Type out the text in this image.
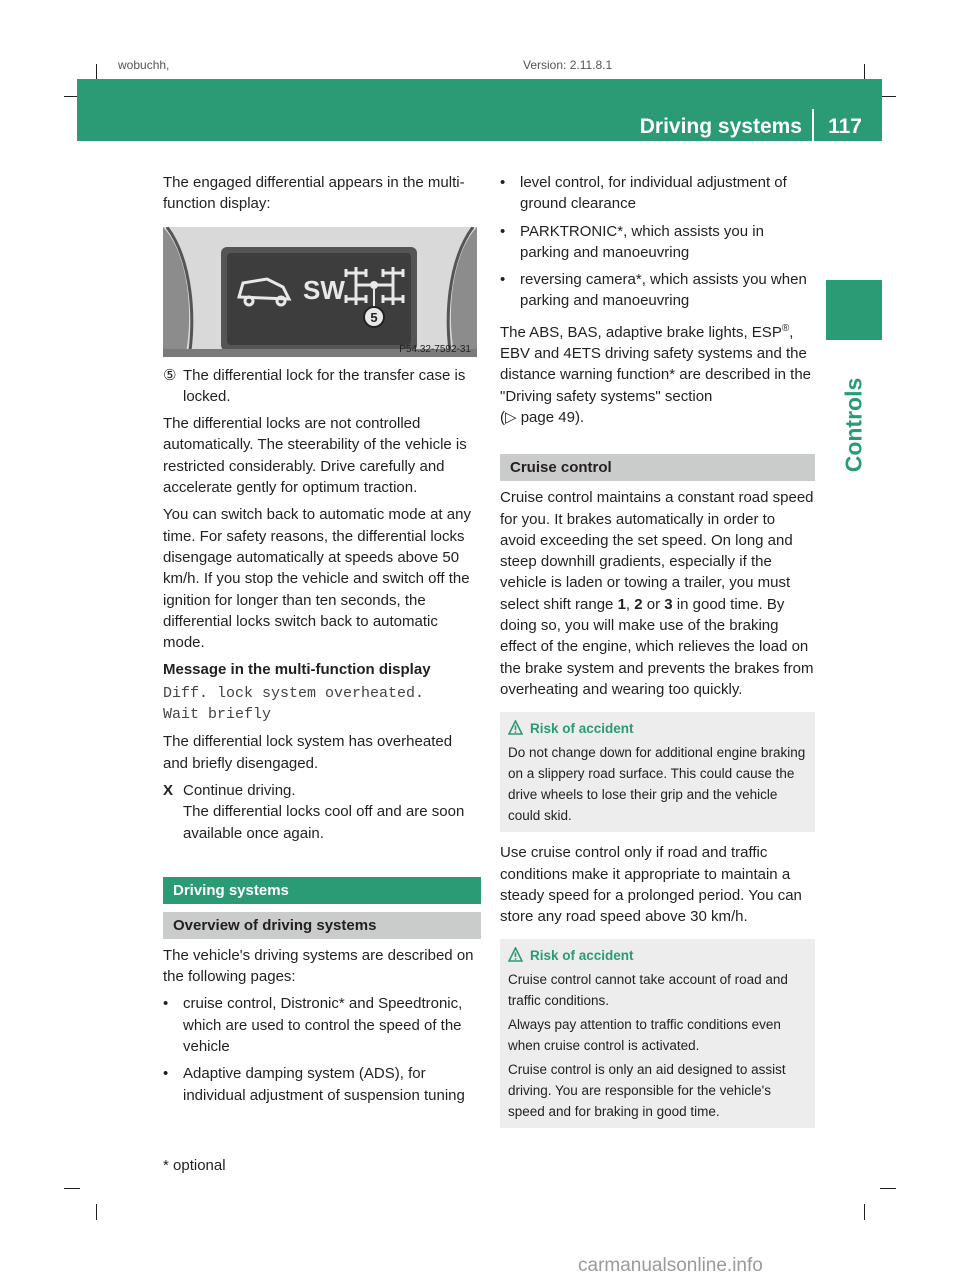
wobuchh,	Version: 2.11.8.1
Driving systems 117
Controls

The engaged differential appears in the multi-function display:

5
SW
P54.32-7592-31
⑤ The differential lock for the transfer case is locked.

The differential locks are not controlled automatically. The steerability of the vehicle is restricted considerably. Drive carefully and accelerate gently for optimum traction.

You can switch back to automatic mode at any time. For safety reasons, the differential locks disengage automatically at speeds above 50 km/h. If you stop the vehicle and switch off the ignition for longer than ten seconds, the differential locks switch back to automatic mode.

Message in the multi-function display

Diff. lock system overheated.

Wait briefly

The differential lock system has overheated and briefly disengaged.

X Continue driving.
The differential locks cool off and are soon available once again.
Driving systems
Overview of driving systems

The vehicle's driving systems are described on the following pages:

• cruise control, Distronic* and Speedtronic, which are used to control the speed of the vehicle
• Adaptive damping system (ADS), for individual adjustment of suspension tuning
• level control, for individual adjustment of ground clearance
• PARKTRONIC*, which assists you in parking and manoeuvring
• reversing camera*, which assists you when parking and manoeuvring

The ABS, BAS, adaptive brake lights, ESP®, EBV and 4ETS driving safety systems and the distance warning function* are described in the "Driving safety systems" section
(▷ page 49).

Cruise control

Cruise control maintains a constant road speed for you. It brakes automatically in order to avoid exceeding the set speed. On long and steep downhill gradients, especially if the vehicle is laden or towing a trailer, you must select shift range 1, 2 or 3 in good time. By doing so, you will make use of the braking effect of the engine, which relieves the load on the brake system and prevents the brakes from overheating and wearing too quickly.

Risk of accident
Do not change down for additional engine braking on a slippery road surface. This could cause the drive wheels to lose their grip and the vehicle could skid.

Use cruise control only if road and traffic conditions make it appropriate to maintain a steady speed for a prolonged period. You can store any road speed above 30 km/h.

Risk of accident
Cruise control cannot take account of road and traffic conditions.
Always pay attention to traffic conditions even when cruise control is activated.
Cruise control is only an aid designed to assist driving. You are responsible for the vehicle's speed and for braking in good time.
* optional
carmanualsonline.info
